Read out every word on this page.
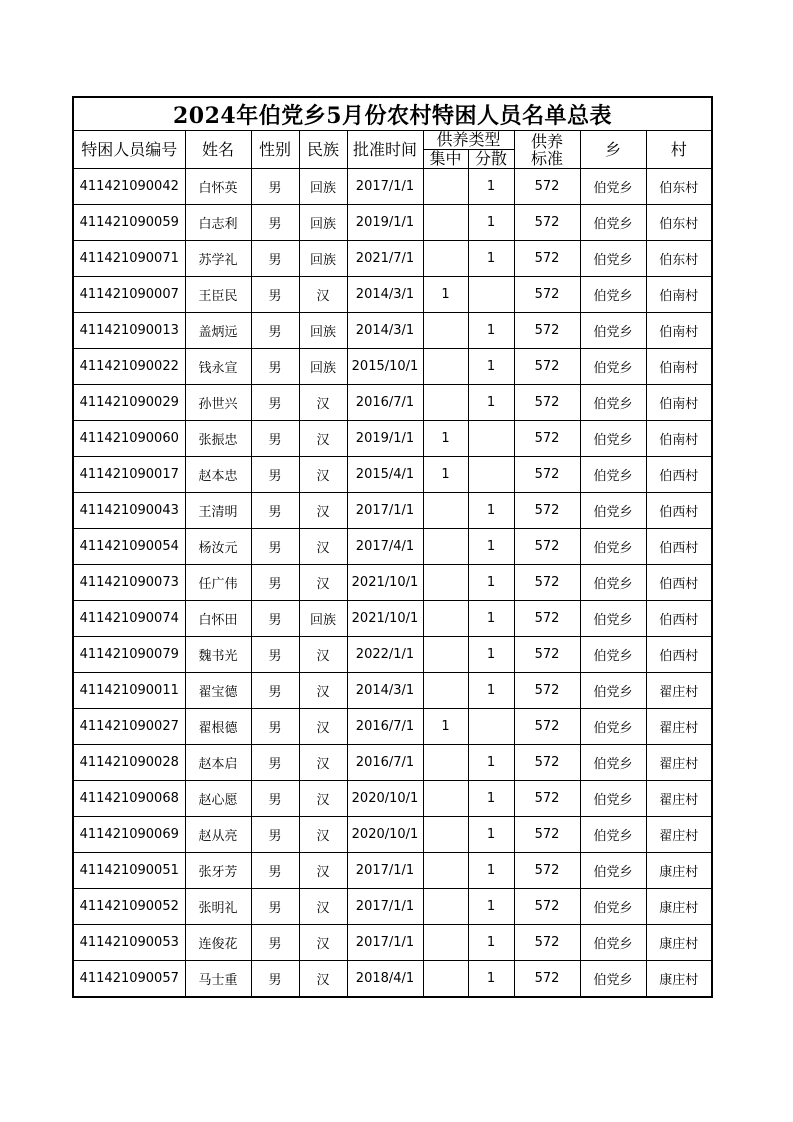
2024年伯党乡5月份农村特困人员名单总表									
特困人员编号	姓名	性别	民族	批准时间	供养类型		供养标准	乡	村
					集中	分散			
411421090042	白怀英	男	回族	2017/1/1		1	572	伯党乡	伯东村
411421090059	白志利	男	回族	2019/1/1		1	572	伯党乡	伯东村
411421090071	苏学礼	男	回族	2021/7/1		1	572	伯党乡	伯东村
411421090007	王臣民	男	汉	2014/3/1	1		572	伯党乡	伯南村
411421090013	盖炳远	男	回族	2014/3/1		1	572	伯党乡	伯南村
411421090022	钱永宣	男	回族	2015/10/1		1	572	伯党乡	伯南村
411421090029	孙世兴	男	汉	2016/7/1		1	572	伯党乡	伯南村
411421090060	张振忠	男	汉	2019/1/1	1		572	伯党乡	伯南村
411421090017	赵本忠	男	汉	2015/4/1	1		572	伯党乡	伯西村
411421090043	王清明	男	汉	2017/1/1		1	572	伯党乡	伯西村
411421090054	杨汝元	男	汉	2017/4/1		1	572	伯党乡	伯西村
411421090073	任广伟	男	汉	2021/10/1		1	572	伯党乡	伯西村
411421090074	白怀田	男	回族	2021/10/1		1	572	伯党乡	伯西村
411421090079	魏书光	男	汉	2022/1/1		1	572	伯党乡	伯西村
411421090011	翟宝德	男	汉	2014/3/1		1	572	伯党乡	翟庄村
411421090027	翟根德	男	汉	2016/7/1	1		572	伯党乡	翟庄村
411421090028	赵本启	男	汉	2016/7/1		1	572	伯党乡	翟庄村
411421090068	赵心愿	男	汉	2020/10/1		1	572	伯党乡	翟庄村
411421090069	赵从亮	男	汉	2020/10/1		1	572	伯党乡	翟庄村
411421090051	张牙芳	男	汉	2017/1/1		1	572	伯党乡	康庄村
411421090052	张明礼	男	汉	2017/1/1		1	572	伯党乡	康庄村
411421090053	连俊花	男	汉	2017/1/1		1	572	伯党乡	康庄村
411421090057	马士重	男	汉	2018/4/1		1	572	伯党乡	康庄村
